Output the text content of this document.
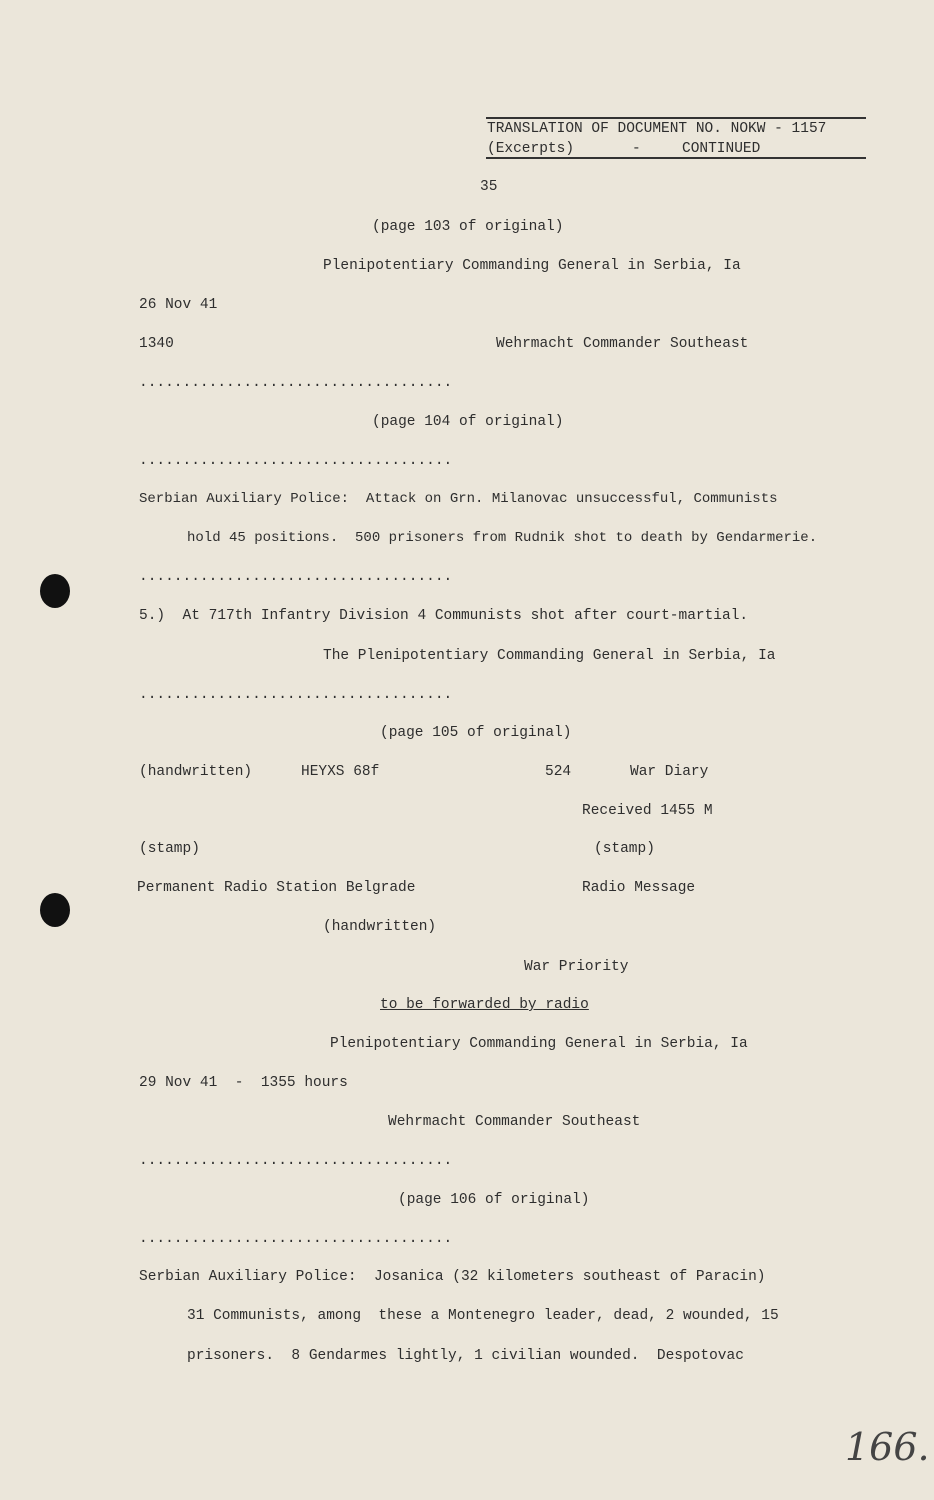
TRANSLATION OF DOCUMENT NO. NOKW - 1157
(Excerpts)	-	CONTINUED
35
(page 103 of original)
Plenipotentiary Commanding General in Serbia, Ia
26 Nov 41
1340	Wehrmacht Commander Southeast
....................................
(page 104 of original)
....................................
Serbian Auxiliary Police:  Attack on Grn. Milanovac unsuccessful, Communists
hold 45 positions.  500 prisoners from Rudnik shot to death by Gendarmerie.
....................................
5.)  At 717th Infantry Division 4 Communists shot after court-martial.
The Plenipotentiary Commanding General in Serbia, Ia
....................................
(page 105 of original)
(handwritten)	HEYXS 68f	524	War Diary
Received 1455 M
(stamp)	(stamp)
Permanent Radio Station Belgrade	Radio Message
(handwritten)
War Priority
to be forwarded by radio
Plenipotentiary Commanding General in Serbia, Ia
29 Nov 41  -  1355 hours
Wehrmacht Commander Southeast
....................................
(page 106 of original)
....................................
Serbian Auxiliary Police:  Josanica (32 kilometers southeast of Paracin)
31 Communists, among  these a Montenegro leader, dead, 2 wounded, 15
prisoners.  8 Gendarmes lightly, 1 civilian wounded.  Despotovac
166.
